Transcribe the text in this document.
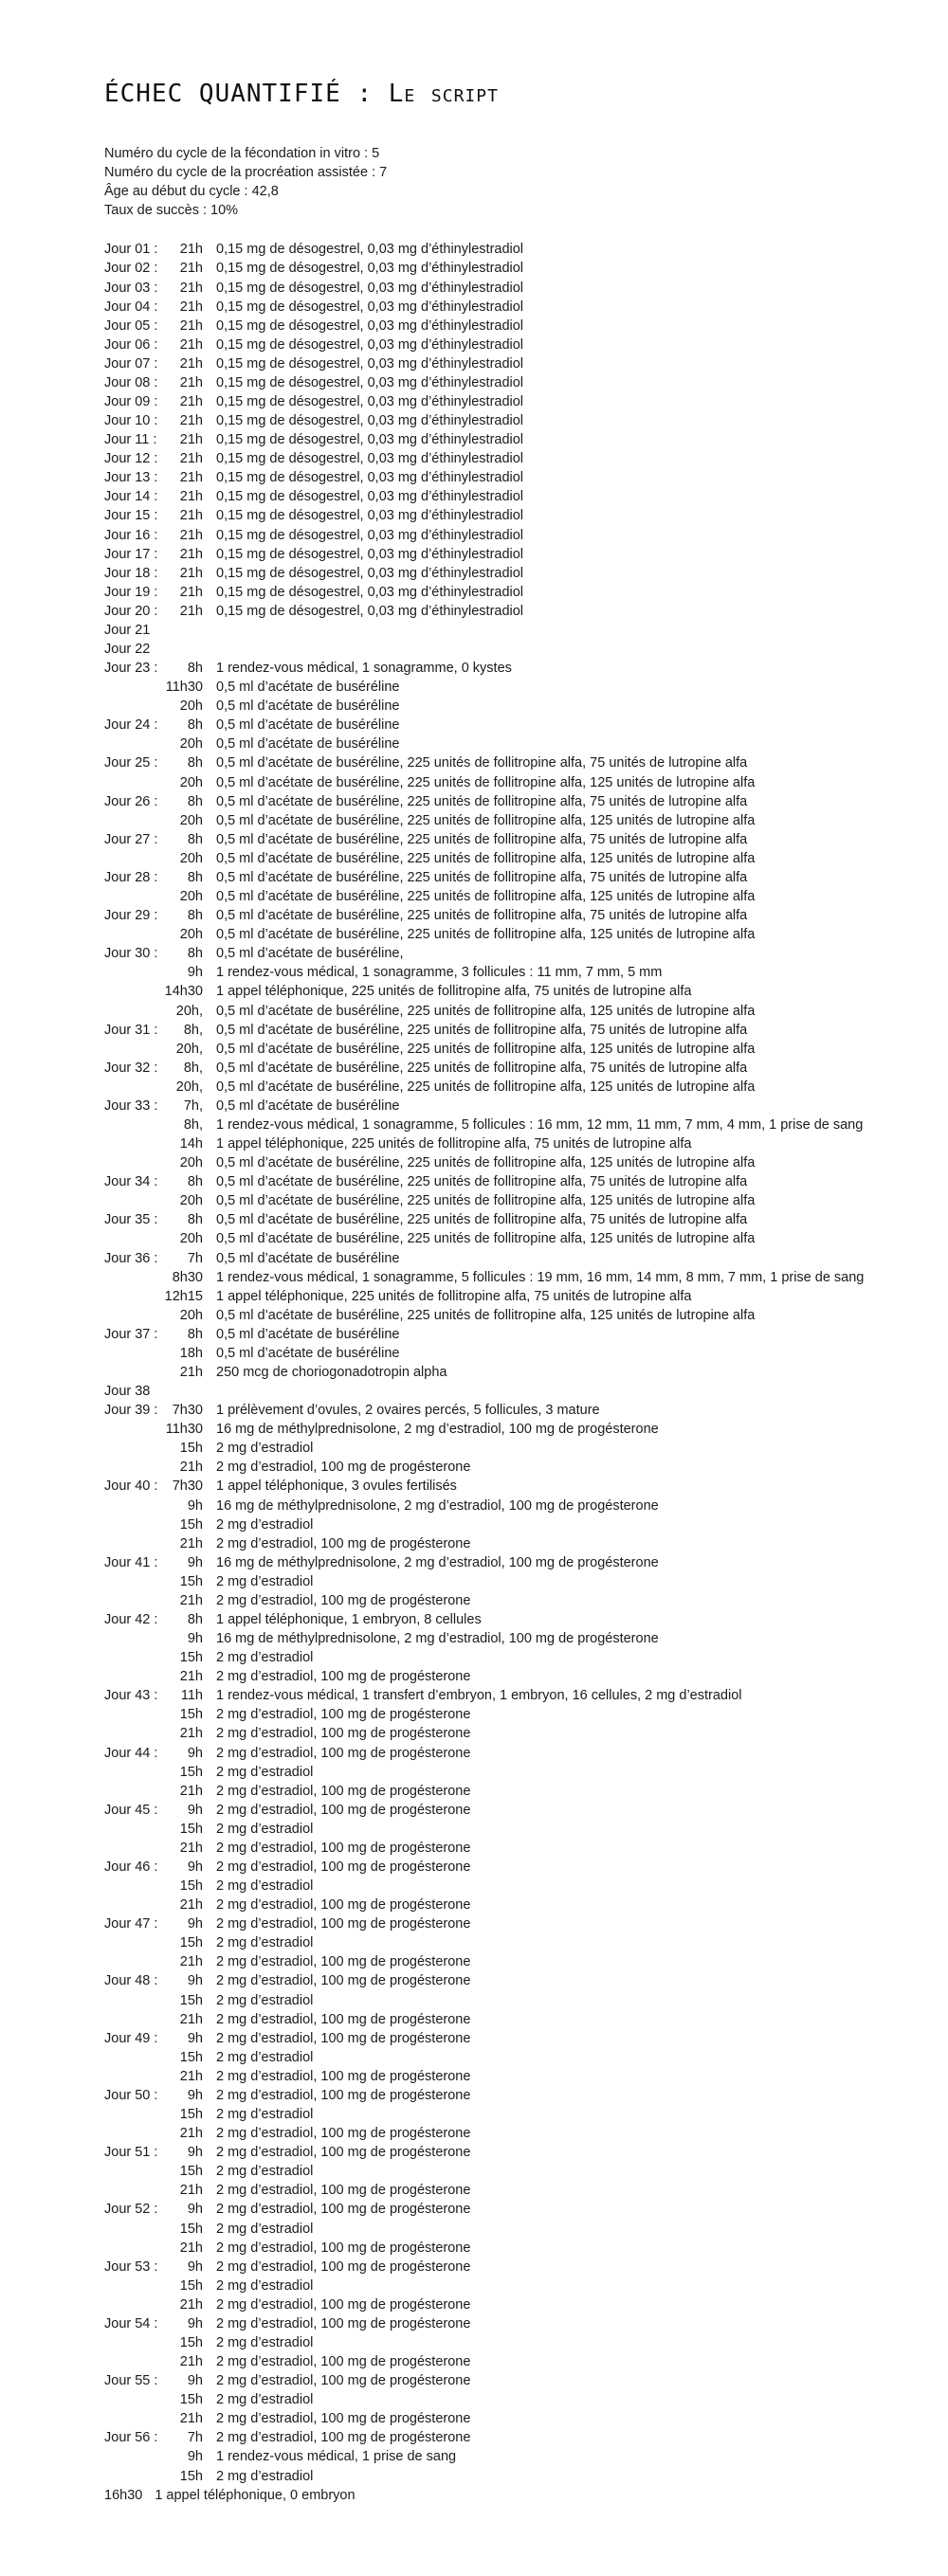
ÉCHEC QUANTIFIÉ : Le script
Numéro du cycle de la fécondation in vitro : 5
Numéro du cycle de la procréation assistée : 7
Âge au début du cycle : 42,8
Taux de succès : 10%
Jour 01 :	21h 0,15 mg de désogestrel, 0,03 mg d’éthinylestradiol
Jour 02 :	21h 0,15 mg de désogestrel, 0,03 mg d’éthinylestradiol
Jour 03 :	21h 0,15 mg de désogestrel, 0,03 mg d’éthinylestradiol
Jour 04 :	21h 0,15 mg de désogestrel, 0,03 mg d’éthinylestradiol
Jour 05 :	21h 0,15 mg de désogestrel, 0,03 mg d’éthinylestradiol
Jour 06 :	21h 0,15 mg de désogestrel, 0,03 mg d’éthinylestradiol
Jour 07 :	21h 0,15 mg de désogestrel, 0,03 mg d’éthinylestradiol
Jour 08 :	21h 0,15 mg de désogestrel, 0,03 mg d’éthinylestradiol
Jour 09 :	21h 0,15 mg de désogestrel, 0,03 mg d’éthinylestradiol
Jour 10 :	21h 0,15 mg de désogestrel, 0,03 mg d’éthinylestradiol
Jour 11 :	21h 0,15 mg de désogestrel, 0,03 mg d’éthinylestradiol
Jour 12 :	21h 0,15 mg de désogestrel, 0,03 mg d’éthinylestradiol
Jour 13 :	21h 0,15 mg de désogestrel, 0,03 mg d’éthinylestradiol
Jour 14 :	21h 0,15 mg de désogestrel, 0,03 mg d’éthinylestradiol
Jour 15 :	21h 0,15 mg de désogestrel, 0,03 mg d’éthinylestradiol
Jour 16 :	21h 0,15 mg de désogestrel, 0,03 mg d’éthinylestradiol
Jour 17 :	21h 0,15 mg de désogestrel, 0,03 mg d’éthinylestradiol
Jour 18 :	21h 0,15 mg de désogestrel, 0,03 mg d’éthinylestradiol
Jour 19 :	21h 0,15 mg de désogestrel, 0,03 mg d’éthinylestradiol
Jour 20 :	21h 0,15 mg de désogestrel, 0,03 mg d’éthinylestradiol
Jour 21
Jour 22
Jour 23 :	8h 1 rendez-vous médical, 1 sonagramme, 0 kystes
11h30 0,5 ml d’acétate de buséréline
20h 0,5 ml d’acétate de buséréline
Jour 24 :	8h 0,5 ml d’acétate de buséréline
20h 0,5 ml d’acétate de buséréline
Jour 25 :	8h 0,5 ml d’acétate de buséréline, 225 unités de follitropine alfa, 75 unités de lutropine alfa
20h 0,5 ml d’acétate de buséréline, 225 unités de follitropine alfa, 125 unités de lutropine alfa
Jour 26 :	8h 0,5 ml d’acétate de buséréline, 225 unités de follitropine alfa, 75 unités de lutropine alfa
20h 0,5 ml d’acétate de buséréline, 225 unités de follitropine alfa, 125 unités de lutropine alfa
Jour 27 :	8h 0,5 ml d’acétate de buséréline, 225 unités de follitropine alfa, 75 unités de lutropine alfa
20h 0,5 ml d’acétate de buséréline, 225 unités de follitropine alfa, 125 unités de lutropine alfa
Jour 28 :	8h 0,5 ml d’acétate de buséréline, 225 unités de follitropine alfa, 75 unités de lutropine alfa
20h 0,5 ml d’acétate de buséréline, 225 unités de follitropine alfa, 125 unités de lutropine alfa
Jour 29 :	8h 0,5 ml d’acétate de buséréline, 225 unités de follitropine alfa, 75 unités de lutropine alfa
20h 0,5 ml d’acétate de buséréline, 225 unités de follitropine alfa, 125 unités de lutropine alfa
Jour 30 :	8h 0,5 ml d’acétate de buséréline,
9h 1 rendez-vous médical, 1 sonagramme, 3 follicules : 11 mm, 7 mm, 5 mm
14h30 1 appel téléphonique, 225 unités de follitropine alfa, 75 unités de lutropine alfa
20h, 0,5 ml d’acétate de buséréline, 225 unités de follitropine alfa, 125 unités de lutropine alfa
Jour 31 :	8h, 0,5 ml d’acétate de buséréline, 225 unités de follitropine alfa, 75 unités de lutropine alfa
20h, 0,5 ml d’acétate de buséréline, 225 unités de follitropine alfa, 125 unités de lutropine alfa
Jour 32 :	8h, 0,5 ml d’acétate de buséréline, 225 unités de follitropine alfa, 75 unités de lutropine alfa
20h, 0,5 ml d’acétate de buséréline, 225 unités de follitropine alfa, 125 unités de lutropine alfa
Jour 33 :	7h, 0,5 ml d’acétate de buséréline
8h, 1 rendez-vous médical, 1 sonagramme, 5 follicules : 16 mm, 12 mm, 11 mm, 7 mm, 4 mm, 1 prise de sang
14h 1 appel téléphonique, 225 unités de follitropine alfa, 75 unités de lutropine alfa
20h 0,5 ml d’acétate de buséréline, 225 unités de follitropine alfa, 125 unités de lutropine alfa
Jour 34 :	8h 0,5 ml d’acétate de buséréline, 225 unités de follitropine alfa, 75 unités de lutropine alfa
20h 0,5 ml d’acétate de buséréline, 225 unités de follitropine alfa, 125 unités de lutropine alfa
Jour 35 :	8h 0,5 ml d’acétate de buséréline, 225 unités de follitropine alfa, 75 unités de lutropine alfa
20h 0,5 ml d’acétate de buséréline, 225 unités de follitropine alfa, 125 unités de lutropine alfa
Jour 36 :	7h 0,5 ml d’acétate de buséréline
8h30 1 rendez-vous médical, 1 sonagramme, 5 follicules : 19 mm, 16 mm, 14 mm, 8 mm, 7 mm, 1 prise de sang
12h15 1 appel téléphonique, 225 unités de follitropine alfa, 75 unités de lutropine alfa
20h 0,5 ml d’acétate de buséréline, 225 unités de follitropine alfa, 125 unités de lutropine alfa
Jour 37 :	8h 0,5 ml d’acétate de buséréline
18h 0,5 ml d’acétate de buséréline
21h 250 mcg de choriogonadotropin alpha
Jour 38
Jour 39 :	7h30 1 prélèvement d’ovules, 2 ovaires percés, 5 follicules, 3 mature
11h30 16 mg de méthylprednisolone, 2 mg d’estradiol, 100 mg de progésterone
15h 2 mg d’estradiol
21h 2 mg d’estradiol, 100 mg de progésterone
Jour 40 :	7h30 1 appel téléphonique, 3 ovules fertilisés
9h 16 mg de méthylprednisolone, 2 mg d’estradiol, 100 mg de progésterone
15h 2 mg d’estradiol
21h 2 mg d’estradiol, 100 mg de progésterone
Jour 41 :	9h 16 mg de méthylprednisolone, 2 mg d’estradiol, 100 mg de progésterone
15h 2 mg d’estradiol
21h 2 mg d’estradiol, 100 mg de progésterone
Jour 42 :	8h 1 appel téléphonique, 1 embryon, 8 cellules
9h 16 mg de méthylprednisolone, 2 mg d’estradiol, 100 mg de progésterone
15h 2 mg d’estradiol
21h 2 mg d’estradiol, 100 mg de progésterone
Jour 43 :	11h 1 rendez-vous médical, 1 transfert d’embryon, 1 embryon, 16 cellules, 2 mg d’estradiol
15h 2 mg d’estradiol, 100 mg de progésterone
21h 2 mg d’estradiol, 100 mg de progésterone
Jour 44 :	9h 2 mg d’estradiol, 100 mg de progésterone
15h 2 mg d’estradiol
21h 2 mg d’estradiol, 100 mg de progésterone
Jour 45 :	9h 2 mg d’estradiol, 100 mg de progésterone
15h 2 mg d’estradiol
21h 2 mg d’estradiol, 100 mg de progésterone
Jour 46 :	9h 2 mg d’estradiol, 100 mg de progésterone
15h 2 mg d’estradiol
21h 2 mg d’estradiol, 100 mg de progésterone
Jour 47 :	9h 2 mg d’estradiol, 100 mg de progésterone
15h 2 mg d’estradiol
21h 2 mg d’estradiol, 100 mg de progésterone
Jour 48 :	9h 2 mg d’estradiol, 100 mg de progésterone
15h 2 mg d’estradiol
21h 2 mg d’estradiol, 100 mg de progésterone
Jour 49 :	9h 2 mg d’estradiol, 100 mg de progésterone
15h 2 mg d’estradiol
21h 2 mg d’estradiol, 100 mg de progésterone
Jour 50 :	9h 2 mg d’estradiol, 100 mg de progésterone
15h 2 mg d’estradiol
21h 2 mg d’estradiol, 100 mg de progésterone
Jour 51 :	9h 2 mg d’estradiol, 100 mg de progésterone
15h 2 mg d’estradiol
21h 2 mg d’estradiol, 100 mg de progésterone
Jour 52 :	9h 2 mg d’estradiol, 100 mg de progésterone
15h 2 mg d’estradiol
21h 2 mg d’estradiol, 100 mg de progésterone
Jour 53 :	9h 2 mg d’estradiol, 100 mg de progésterone
15h 2 mg d’estradiol
21h 2 mg d’estradiol, 100 mg de progésterone
Jour 54 :	9h 2 mg d’estradiol, 100 mg de progésterone
15h 2 mg d’estradiol
21h 2 mg d’estradiol, 100 mg de progésterone
Jour 55 :	9h 2 mg d’estradiol, 100 mg de progésterone
15h 2 mg d’estradiol
21h 2 mg d’estradiol, 100 mg de progésterone
Jour 56 :	7h 2 mg d’estradiol, 100 mg de progésterone
9h 1 rendez-vous médical, 1 prise de sang
15h 2 mg d’estradiol
16h30 1 appel téléphonique, 0 embryon
